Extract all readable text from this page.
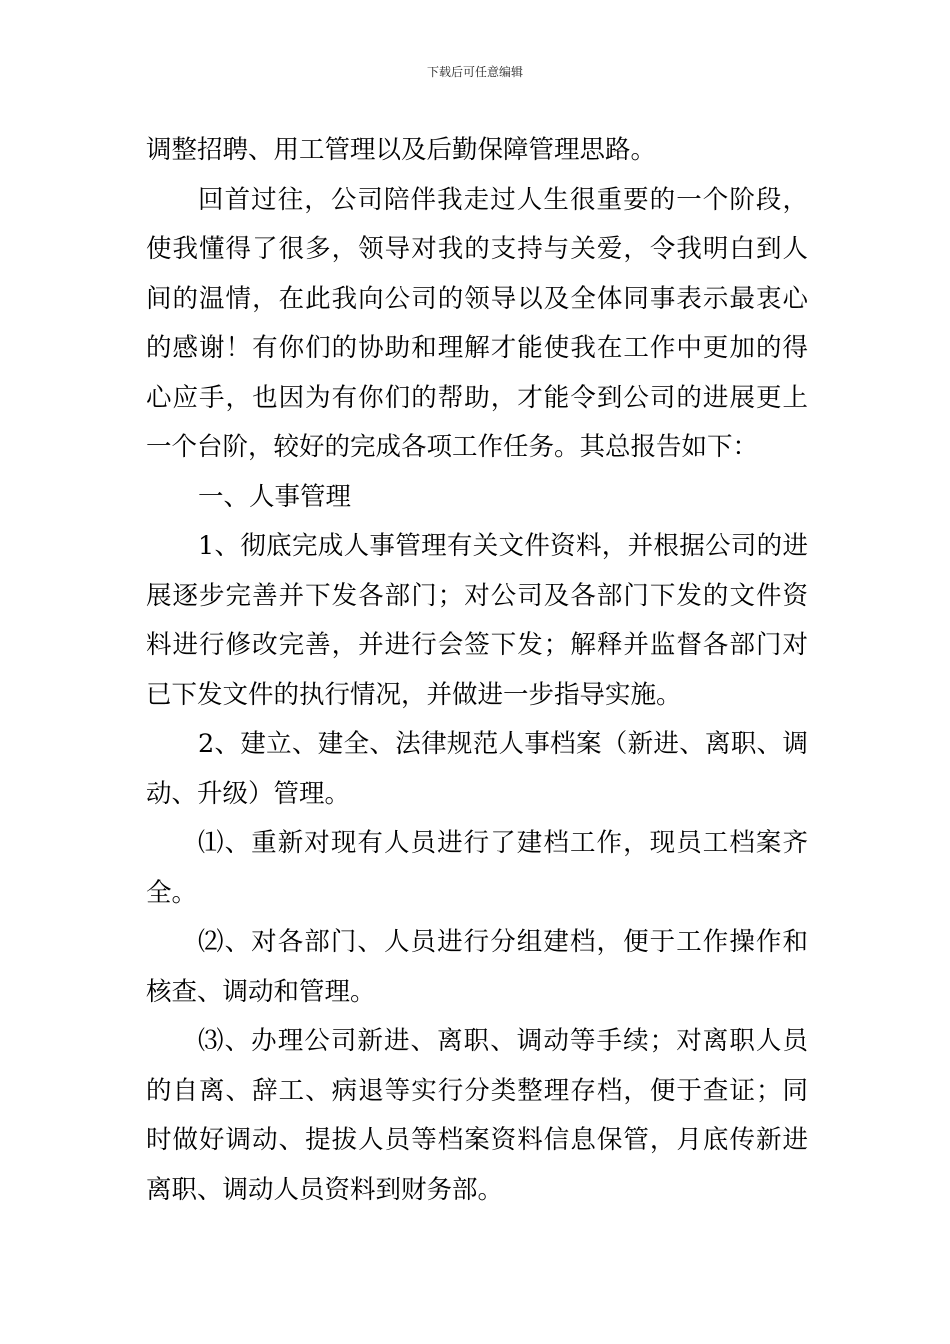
下载后可任意编辑

调整招聘、用工管理以及后勤保障管理思路。

回首过往，公司陪伴我走过人生很重要的一个阶段，使我懂得了很多，领导对我的支持与关爱，令我明白到人间的温情，在此我向公司的领导以及全体同事表示最衷心的感谢！有你们的协助和理解才能使我在工作中更加的得心应手，也因为有你们的帮助，才能令到公司的进展更上一个台阶，较好的完成各项工作任务。其总报告如下：

一、人事管理

1、彻底完成人事管理有关文件资料，并根据公司的进展逐步完善并下发各部门；对公司及各部门下发的文件资料进行修改完善，并进行会签下发；解释并监督各部门对已下发文件的执行情况，并做进一步指导实施。

2、建立、建全、法律规范人事档案（新进、离职、调动、升级）管理。

⑴、重新对现有人员进行了建档工作，现员工档案齐全。

⑵、对各部门、人员进行分组建档，便于工作操作和核查、调动和管理。

⑶、办理公司新进、离职、调动等手续；对离职人员的自离、辞工、病退等实行分类整理存档，便于查证；同时做好调动、提拔人员等档案资料信息保管，月底传新进离职、调动人员资料到财务部。
